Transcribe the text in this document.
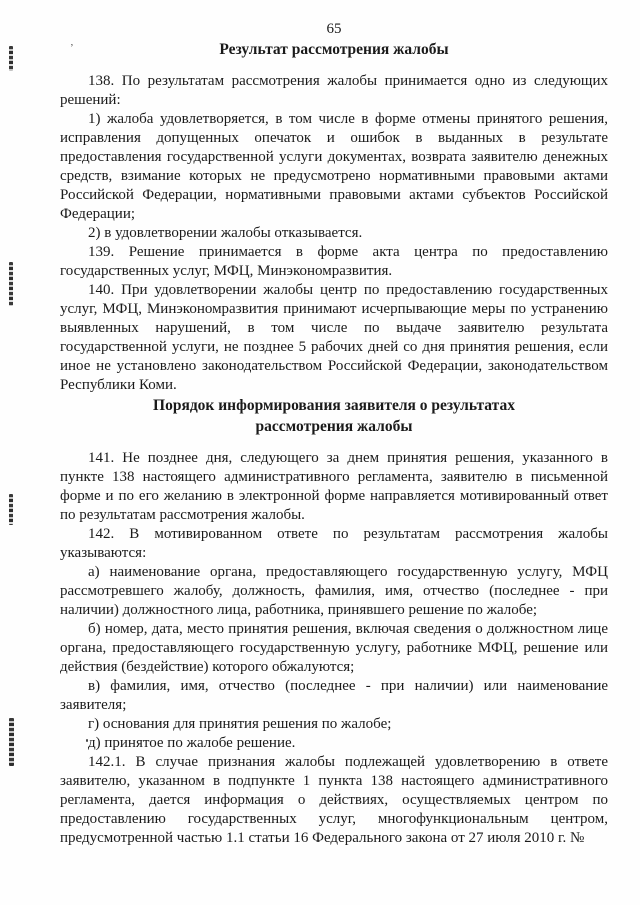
’
65
Результат рассмотрения жалобы

138. По результатам рассмотрения жалобы принимается одно из следующих решений:

1) жалоба удовлетворяется, в том числе в форме отмены принятого решения, исправления допущенных опечаток и ошибок в выданных в результате предоставления государственной услуги документах, возврата заявителю денежных средств, взимание которых не предусмотрено нормативными правовыми актами Российской Федерации, нормативными правовыми актами субъектов Российской Федерации;

2) в удовлетворении жалобы отказывается.

139. Решение принимается в форме акта центра по предоставлению государственных услуг, МФЦ, Минэкономразвития.

140. При удовлетворении жалобы центр по предоставлению государственных услуг, МФЦ, Минэкономразвития принимают исчерпывающие меры по устранению выявленных нарушений, в том числе по выдаче заявителю результата государственной услуги, не позднее 5 рабочих дней со дня принятия решения, если иное не установлено законодательством Российской Федерации, законодательством Республики Коми.

Порядок информирования заявителя о результатах рассмотрения жалобы

141. Не позднее дня, следующего за днем принятия решения, указанного в пункте 138 настоящего административного регламента, заявителю в письменной форме и по его желанию в электронной форме направляется мотивированный ответ по результатам рассмотрения жалобы.

142. В мотивированном ответе по результатам рассмотрения жалобы указываются:

а) наименование органа, предоставляющего государственную услугу, МФЦ рассмотревшего жалобу, должность, фамилия, имя, отчество (последнее - при наличии) должностного лица, работника, принявшего решение по жалобе;

б) номер, дата, место принятия решения, включая сведения о должностном лице органа, предоставляющего государственную услугу, работнике МФЦ, решение или действия (бездействие) которого обжалуются;

в) фамилия, имя, отчество (последнее - при наличии) или наименование заявителя;

г) основания для принятия решения по жалобе;

д) принятое по жалобе решение.

142.1. В случае признания жалобы подлежащей удовлетворению в ответе заявителю, указанном в подпункте 1 пункта 138 настоящего административного регламента, дается информация о действиях, осуществляемых центром по предоставлению государственных услуг, многофункциональным центром, предусмотренной частью 1.1 статьи 16 Федерального закона от 27 июля 2010 г. №
